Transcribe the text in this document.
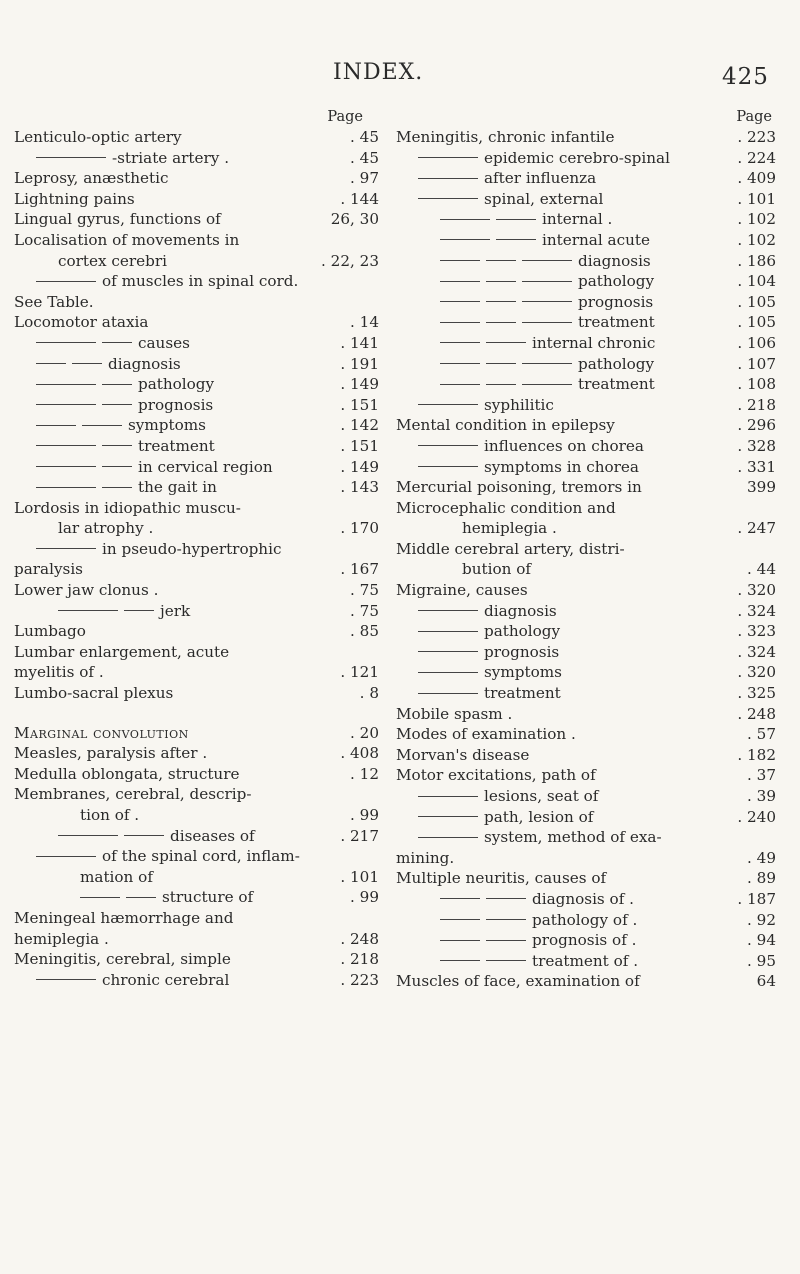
INDEX.	425
Page
Lenticulo-optic artery	. 45
-striate artery .	. 45
Leprosy, anæsthetic	. 97
Lightning pains	. 144
Lingual gyrus, functions of	26, 30
Localisation of movements in
cortex cerebri	. 22, 23
of muscles in spinal cord.
See Table.
Locomotor ataxia	. 14
causes	. 141
diagnosis	. 191
pathology	. 149
prognosis	. 151
symptoms	. 142
treatment	. 151
in cervical region	. 149
the gait in	. 143
Lordosis in idiopathic muscu-
lar atrophy .	. 170
in pseudo-hypertrophic
paralysis	. 167
Lower jaw clonus .	. 75
jerk	. 75
Lumbago	. 85
Lumbar enlargement, acute
myelitis of .	. 121
Lumbo-sacral plexus	. 8
Marginal convolution	. 20
Measles, paralysis after .	. 408
Medulla oblongata, structure	. 12
Membranes, cerebral, descrip-
tion of .	. 99
diseases of	. 217
of the spinal cord, inflam-
mation of	. 101
structure of	. 99
Meningeal hæmorrhage and
hemiplegia .	. 248
Meningitis, cerebral, simple	. 218
chronic cerebral	. 223
Page
Meningitis, chronic infantile	. 223
epidemic cerebro-spinal	. 224
after influenza	. 409
spinal, external	. 101
internal .	. 102
internal acute	. 102
diagnosis	. 186
pathology	. 104
prognosis	. 105
treatment	. 105
internal chronic	. 106
pathology	. 107
treatment	. 108
syphilitic	. 218
Mental condition in epilepsy	. 296
influences on chorea	. 328
symptoms in chorea	. 331
Mercurial poisoning, tremors in	399
Microcephalic condition and
hemiplegia .	. 247
Middle cerebral artery, distri-
bution of	. 44
Migraine, causes	. 320
diagnosis	. 324
pathology	. 323
prognosis	. 324
symptoms	. 320
treatment	. 325
Mobile spasm .	. 248
Modes of examination .	. 57
Morvan's disease	. 182
Motor excitations, path of	. 37
lesions, seat of	. 39
path, lesion of	. 240
system, method of exa-
mining.	. 49
Multiple neuritis, causes of	. 89
diagnosis of .	. 187
pathology of .	. 92
prognosis of .	. 94
treatment of .	. 95
Muscles of face, examination of	64
